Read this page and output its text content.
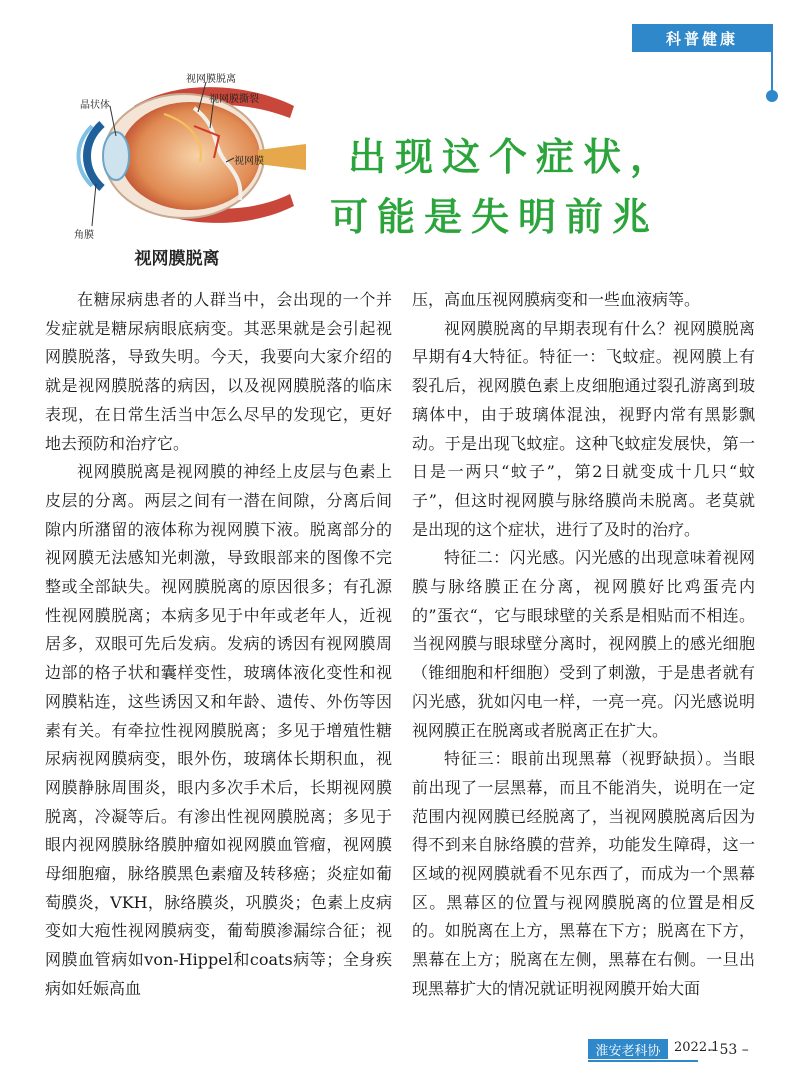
科普健康
视网膜脱离
视网膜撕裂
晶状体
视网膜
角膜
视网膜脱离
出现这个症状，
可能是失明前兆

在糖尿病患者的人群当中，会出现的一个并发症就是糖尿病眼底病变。其恶果就是会引起视网膜脱落，导致失明。今天，我要向大家介绍的就是视网膜脱落的病因，以及视网膜脱落的临床表现，在日常生活当中怎么尽早的发现它，更好地去预防和治疗它。

视网膜脱离是视网膜的神经上皮层与色素上皮层的分离。两层之间有一潜在间隙，分离后间隙内所潴留的液体称为视网膜下液。脱离部分的视网膜无法感知光刺激，导致眼部来的图像不完整或全部缺失。视网膜脱离的原因很多；有孔源性视网膜脱离；本病多见于中年或老年人，近视居多，双眼可先后发病。发病的诱因有视网膜周边部的格子状和囊样变性，玻璃体液化变性和视网膜粘连，这些诱因又和年龄、遗传、外伤等因素有关。有牵拉性视网膜脱离；多见于增殖性糖尿病视网膜病变，眼外伤，玻璃体长期积血，视网膜静脉周围炎，眼内多次手术后，长期视网膜脱离，冷凝等后。有渗出性视网膜脱离；多见于眼内视网膜脉络膜肿瘤如视网膜血管瘤，视网膜母细胞瘤，脉络膜黑色素瘤及转移癌；炎症如葡萄膜炎，VKH，脉络膜炎，巩膜炎；色素上皮病变如大疱性视网膜病变，葡萄膜渗漏综合征；视网膜血管病如von-Hippel和coats病等；全身疾病如妊娠高血

压，高血压视网膜病变和一些血液病等。

视网膜脱离的早期表现有什么？视网膜脱离早期有4大特征。特征一：飞蚊症。视网膜上有裂孔后，视网膜色素上皮细胞通过裂孔游离到玻璃体中，由于玻璃体混浊，视野内常有黑影飘动。于是出现飞蚊症。这种飞蚊症发展快，第一日是一两只“蚊子”，第2日就变成十几只“蚊子”，但这时视网膜与脉络膜尚未脱离。老莫就是出现的这个症状，进行了及时的治疗。

特征二：闪光感。闪光感的出现意味着视网膜与脉络膜正在分离，视网膜好比鸡蛋壳内的”蛋衣“，它与眼球壁的关系是相贴而不相连。当视网膜与眼球壁分离时，视网膜上的感光细胞（锥细胞和杆细胞）受到了刺激，于是患者就有闪光感，犹如闪电一样，一亮一亮。闪光感说明视网膜正在脱离或者脱离正在扩大。

特征三：眼前出现黑幕（视野缺损）。当眼前出现了一层黑幕，而且不能消失，说明在一定范围内视网膜已经脱离了，当视网膜脱离后因为得不到来自脉络膜的营养，功能发生障碍，这一区域的视网膜就看不见东西了，而成为一个黑幕区。黑幕区的位置与视网膜脱离的位置是相反的。如脱离在上方，黑幕在下方；脱离在下方，黑幕在上方；脱离在左侧，黑幕在右侧。一旦出现黑幕扩大的情况就证明视网膜开始大面

淮安老科协	2022.1
– 53 –
